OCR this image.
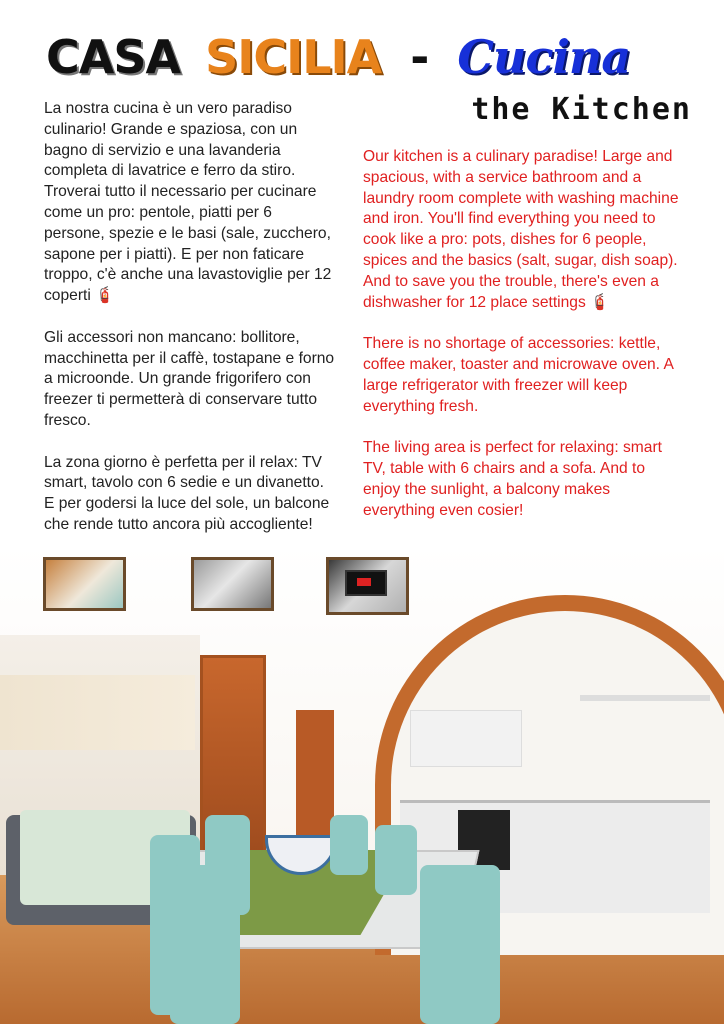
CASA SICILIA - Cucina
the Kitchen

La nostra cucina è un vero paradiso culinario! Grande e spaziosa, con un bagno di servizio e una lavanderia completa di lavatrice e ferro da stiro. Troverai tutto il necessario per cucinare come un pro: pentole, piatti per 6 persone, spezie e le basi (sale, zucchero, sapone per i piatti). E per non faticare troppo, c'è anche una lavastoviglie per 12 coperti 🧯

Gli accessori non mancano: bollitore, macchinetta per il caffè, tostapane e forno a microonde. Un grande frigorifero con freezer ti permetterà di conservare tutto fresco.

La zona giorno è perfetta per il relax: TV smart, tavolo con 6 sedie e un divanetto. E per godersi la luce del sole, un balcone che rende tutto ancora più accogliente!

Our kitchen is a culinary paradise! Large and spacious, with a service bathroom and a laundry room complete with washing machine and iron. You'll find everything you need to cook like a pro: pots, dishes for 6 people, spices and the basics (salt, sugar, dish soap). And to save you the trouble, there's even a dishwasher for 12 place settings 🧯

There is no shortage of accessories: kettle, coffee maker, toaster and microwave oven. A large refrigerator with freezer will keep everything fresh.

The living area is perfect for relaxing: smart TV, table with 6 chairs and a sofa. And to enjoy the sunlight, a balcony makes everything even cosier!
